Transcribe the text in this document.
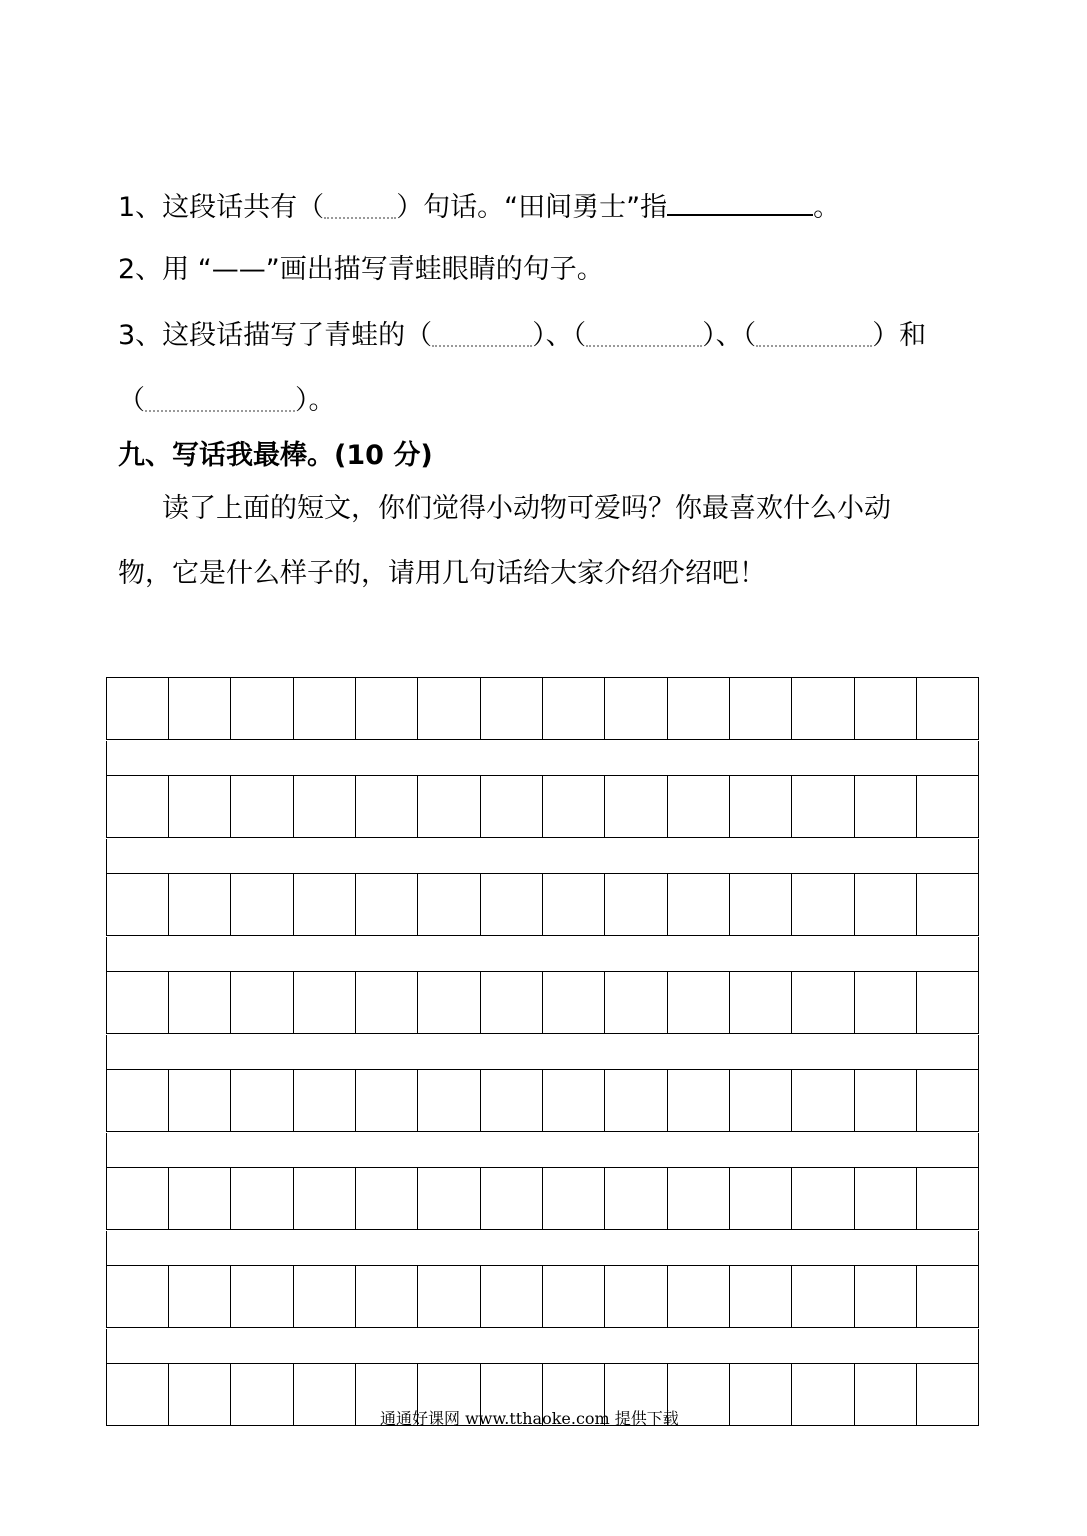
1、这段话共有（	）句话。“田间勇士”指	。
2、用 “——”画出描写青蛙眼睛的句子。
3、这段话描写了青蛙的（	）、（	）、（	）和
（	）。
九、写话我最棒。(10 分)
读了上面的短文，你们觉得小动物可爱吗？你最喜欢什么小动
物，它是什么样子的，请用几句话给大家介绍介绍吧！
通通好课网 www.tthaoke.com 提供下载
